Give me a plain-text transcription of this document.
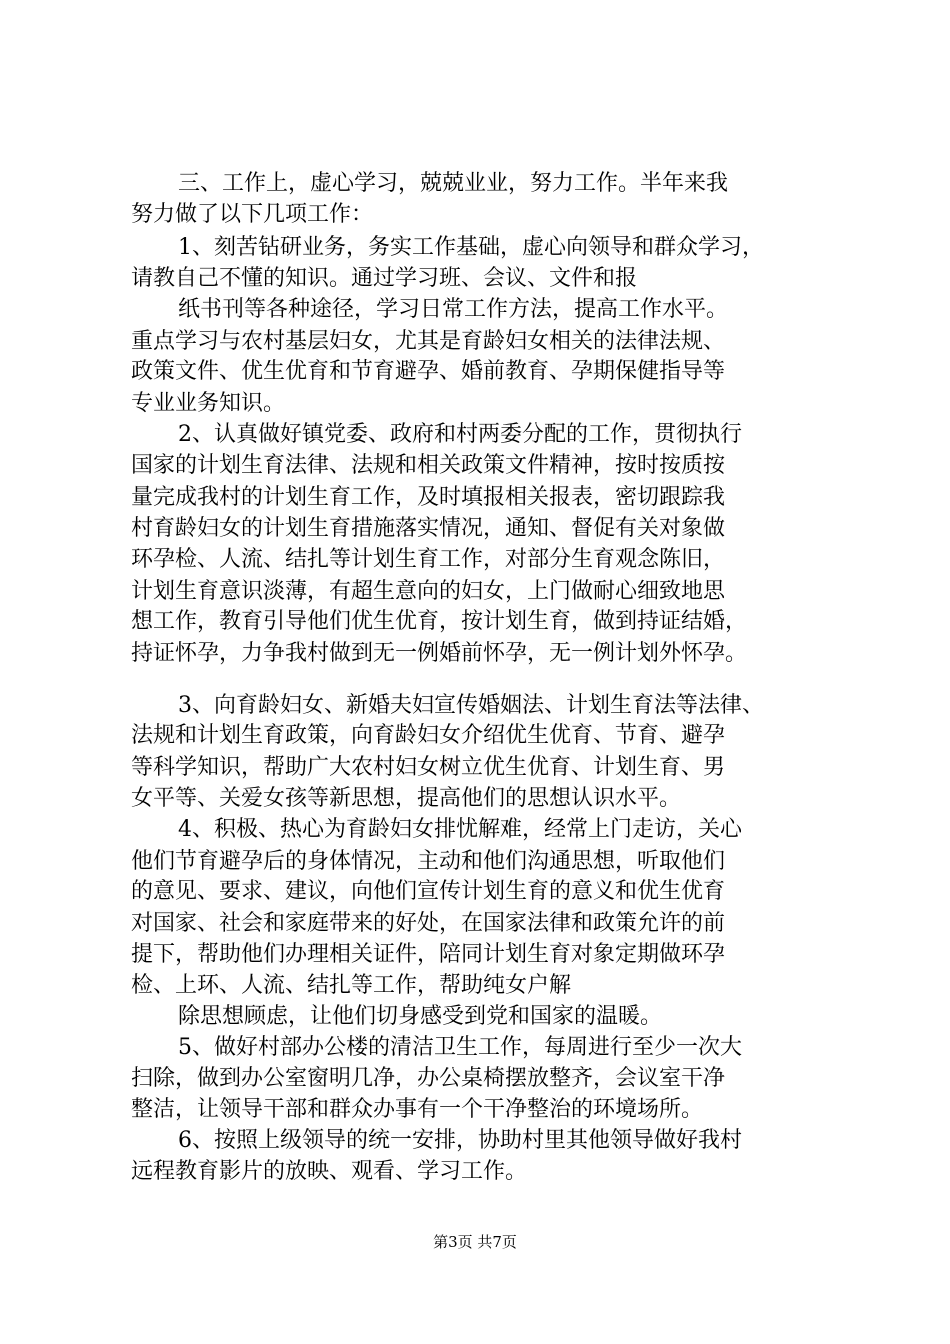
三、工作上，虚心学习，兢兢业业，努力工作。半年来我
努力做了以下几项工作：
1、刻苦钻研业务，务实工作基础，虚心向领导和群众学习，
请教自己不懂的知识。通过学习班、会议、文件和报
纸书刊等各种途径，学习日常工作方法，提高工作水平。
重点学习与农村基层妇女，尤其是育龄妇女相关的法律法规、
政策文件、优生优育和节育避孕、婚前教育、孕期保健指导等
专业业务知识。
2、认真做好镇党委、政府和村两委分配的工作，贯彻执行
国家的计划生育法律、法规和相关政策文件精神，按时按质按
量完成我村的计划生育工作，及时填报相关报表，密切跟踪我
村育龄妇女的计划生育措施落实情况，通知、督促有关对象做
环孕检、人流、结扎等计划生育工作，对部分生育观念陈旧，
计划生育意识淡薄，有超生意向的妇女，上门做耐心细致地思
想工作，教育引导他们优生优育，按计划生育，做到持证结婚，
持证怀孕，力争我村做到无一例婚前怀孕，无一例计划外怀孕。
3、向育龄妇女、新婚夫妇宣传婚姻法、计划生育法等法律、
法规和计划生育政策，向育龄妇女介绍优生优育、节育、避孕
等科学知识，帮助广大农村妇女树立优生优育、计划生育、男
女平等、关爱女孩等新思想，提高他们的思想认识水平。
4、积极、热心为育龄妇女排忧解难，经常上门走访，关心
他们节育避孕后的身体情况，主动和他们沟通思想，听取他们
的意见、要求、建议，向他们宣传计划生育的意义和优生优育
对国家、社会和家庭带来的好处，在国家法律和政策允许的前
提下，帮助他们办理相关证件，陪同计划生育对象定期做环孕
检、上环、人流、结扎等工作，帮助纯女户解
除思想顾虑，让他们切身感受到党和国家的温暖。
5、做好村部办公楼的清洁卫生工作，每周进行至少一次大
扫除，做到办公室窗明几净，办公桌椅摆放整齐，会议室干净
整洁，让领导干部和群众办事有一个干净整治的环境场所。
6、按照上级领导的统一安排，协助村里其他领导做好我村
远程教育影片的放映、观看、学习工作。
第3页 共7页
